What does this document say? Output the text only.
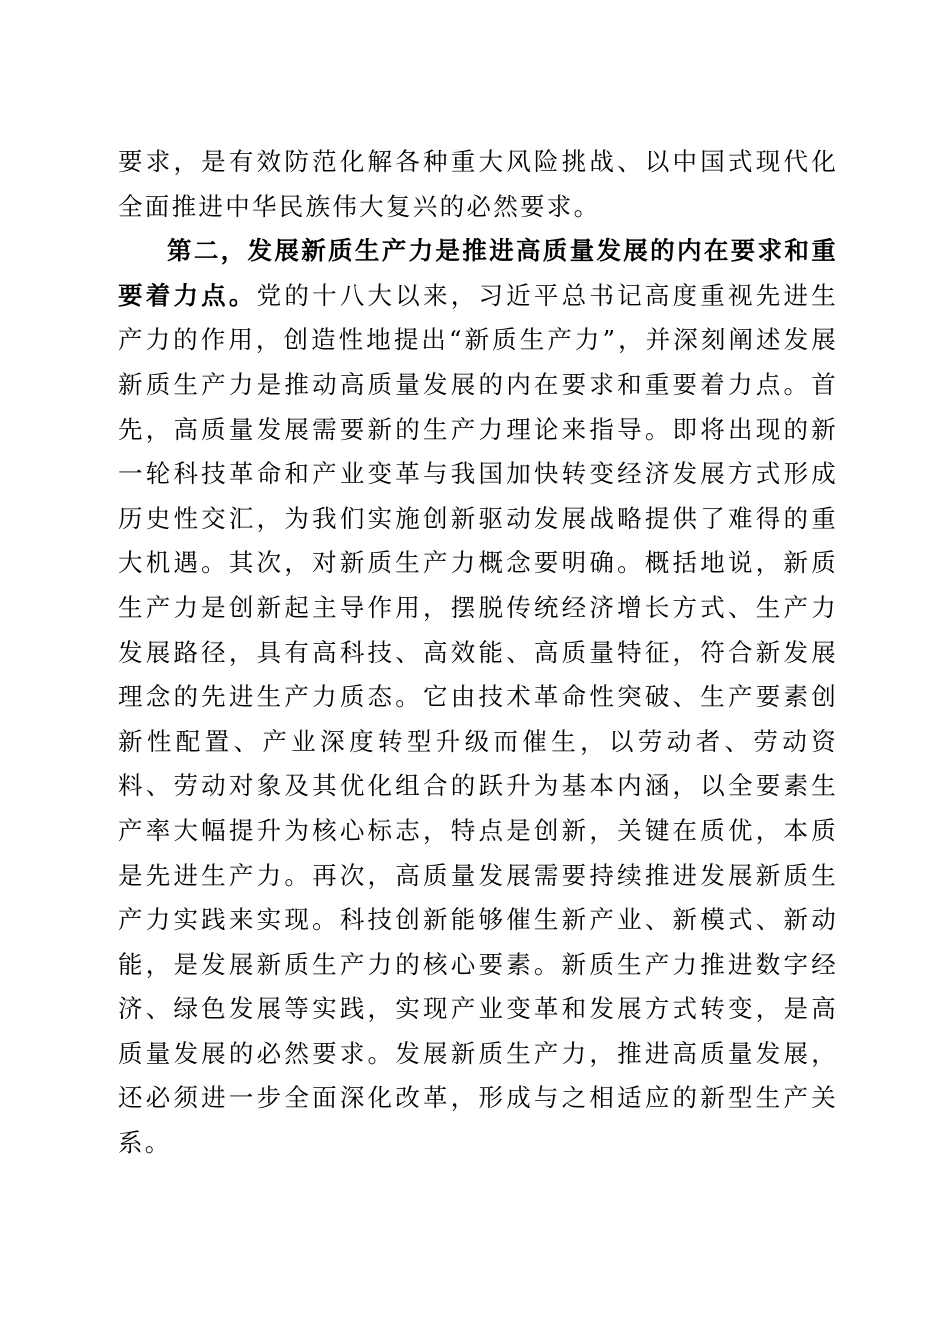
要求，是有效防范化解各种重大风险挑战、以中国式现代化全面推进中华民族伟大复兴的必然要求。

第二，发展新质生产力是推进高质量发展的内在要求和重要着力点。党的十八大以来，习近平总书记高度重视先进生产力的作用，创造性地提出“新质生产力”，并深刻阐述发展新质生产力是推动高质量发展的内在要求和重要着力点。首先，高质量发展需要新的生产力理论来指导。即将出现的新一轮科技革命和产业变革与我国加快转变经济发展方式形成历史性交汇，为我们实施创新驱动发展战略提供了难得的重大机遇。其次，对新质生产力概念要明确。概括地说，新质生产力是创新起主导作用，摆脱传统经济增长方式、生产力发展路径，具有高科技、高效能、高质量特征，符合新发展理念的先进生产力质态。它由技术革命性突破、生产要素创新性配置、产业深度转型升级而催生，以劳动者、劳动资料、劳动对象及其优化组合的跃升为基本内涵，以全要素生产率大幅提升为核心标志，特点是创新，关键在质优，本质是先进生产力。再次，高质量发展需要持续推进发展新质生产力实践来实现。科技创新能够催生新产业、新模式、新动能，是发展新质生产力的核心要素。新质生产力推进数字经济、绿色发展等实践，实现产业变革和发展方式转变，是高质量发展的必然要求。发展新质生产力，推进高质量发展，还必须进一步全面深化改革，形成与之相适应的新型生产关系。
